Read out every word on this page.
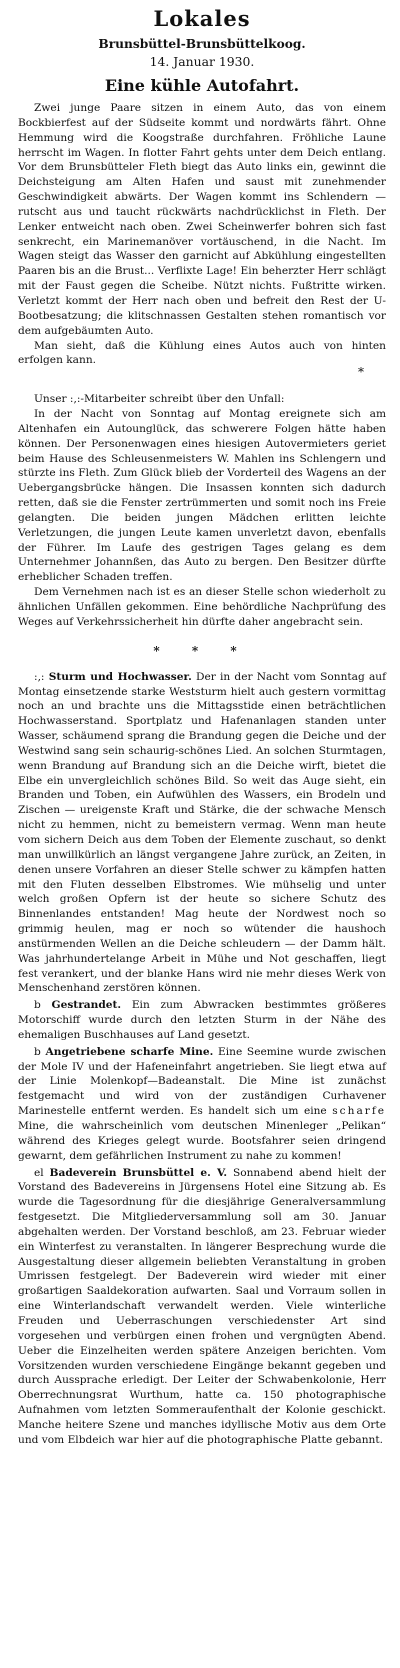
Lokales
Brunsbüttel-Brunsbüttelkoog.
14. Januar 1930.
Eine kühle Autofahrt.

Zwei junge Paare sitzen in einem Auto, das von einem Bockbierfest auf der Südseite kommt und nordwärts fährt. Ohne Hemmung wird die Koogstraße durchfahren. Fröhliche Laune herrscht im Wagen. In flotter Fahrt gehts unter dem Deich entlang. Vor dem Brunsbütteler Fleth biegt das Auto links ein, gewinnt die Deichsteigung am Alten Hafen und saust mit zunehmender Geschwindigkeit abwärts. Der Wagen kommt ins Schlendern — rutscht aus und taucht rückwärts nachdrücklichst in Fleth. Der Lenker entweicht nach oben. Zwei Scheinwerfer bohren sich fast senkrecht, ein Marinemanöver vortäuschend, in die Nacht. Im Wagen steigt das Wasser den garnicht auf Abkühlung eingestellten Paaren bis an die Brust... Verflixte Lage! Ein beherzter Herr schlägt mit der Faust gegen die Scheibe. Nützt nichts. Fußtritte wirken. Verletzt kommt der Herr nach oben und befreit den Rest der U-Bootbesatzung; die klitschnassen Gestalten stehen romantisch vor dem aufgebäumten Auto.

Man sieht, daß die Kühlung eines Autos auch von hinten erfolgen kann.

*

Unser :,:-Mitarbeiter schreibt über den Unfall:

In der Nacht von Sonntag auf Montag ereignete sich am Altenhafen ein Autounglück, das schwerere Folgen hätte haben können. Der Personenwagen eines hiesigen Autovermieters geriet beim Hause des Schleusenmeisters W. Mahlen ins Schlengern und stürzte ins Fleth. Zum Glück blieb der Vorderteil des Wagens an der Uebergangsbrücke hängen. Die Insassen konnten sich dadurch retten, daß sie die Fenster zertrümmerten und somit noch ins Freie gelangten. Die beiden jungen Mädchen erlitten leichte Verletzungen, die jungen Leute kamen unverletzt davon, ebenfalls der Führer. Im Laufe des gestrigen Tages gelang es dem Unternehmer Johannßen, das Auto zu bergen. Den Besitzer dürfte erheblicher Schaden treffen.

Dem Vernehmen nach ist es an dieser Stelle schon wiederholt zu ähnlichen Unfällen gekommen. Eine behördliche Nachprüfung des Weges auf Verkehrssicherheit hin dürfte daher angebracht sein.

* * *

:,: Sturm und Hochwasser. Der in der Nacht vom Sonntag auf Montag einsetzende starke Weststurm hielt auch gestern vormittag noch an und brachte uns die Mittagsstide einen beträchtlichen Hochwasserstand. Sportplatz und Hafenanlagen standen unter Wasser, schäumend sprang die Brandung gegen die Deiche und der Westwind sang sein schaurig-schönes Lied. An solchen Sturmtagen, wenn Brandung auf Brandung sich an die Deiche wirft, bietet die Elbe ein unvergleichlich schönes Bild. So weit das Auge sieht, ein Branden und Toben, ein Aufwühlen des Wassers, ein Brodeln und Zischen — ureigenste Kraft und Stärke, die der schwache Mensch nicht zu hemmen, nicht zu bemeistern vermag. Wenn man heute vom sichern Deich aus dem Toben der Elemente zuschaut, so denkt man unwillkürlich an längst vergangene Jahre zurück, an Zeiten, in denen unsere Vorfahren an dieser Stelle schwer zu kämpfen hatten mit den Fluten desselben Elbstromes. Wie mühselig und unter welch großen Opfern ist der heute so sichere Schutz des Binnenlandes entstanden! Mag heute der Nordwest noch so grimmig heulen, mag er noch so wütender die haushoch anstürmenden Wellen an die Deiche schleudern — der Damm hält. Was jahrhundertelange Arbeit in Mühe und Not geschaffen, liegt fest verankert, und der blanke Hans wird nie mehr dieses Werk von Menschenhand zerstören können.

b Gestrandet. Ein zum Abwracken bestimmtes größeres Motorschiff wurde durch den letzten Sturm in der Nähe des ehemaligen Buschhauses auf Land gesetzt.

b Angetriebene scharfe Mine. Eine Seemine wurde zwischen der Mole IV und der Hafeneinfahrt angetrieben. Sie liegt etwa auf der Linie Molenkopf—Badeanstalt. Die Mine ist zunächst festgemacht und wird von der zuständigen Curhavener Marinestelle entfernt werden. Es handelt sich um eine scharfe Mine, die wahrscheinlich vom deutschen Minenleger „Pelikan“ während des Krieges gelegt wurde. Bootsfahrer seien dringend gewarnt, dem gefährlichen Instrument zu nahe zu kommen!

el Badeverein Brunsbüttel e. V. Sonnabend abend hielt der Vorstand des Badevereins in Jürgensens Hotel eine Sitzung ab. Es wurde die Tagesordnung für die diesjährige Generalversammlung festgesetzt. Die Mitgliederversammlung soll am 30. Januar abgehalten werden. Der Vorstand beschloß, am 23. Februar wieder ein Winterfest zu veranstalten. In längerer Besprechung wurde die Ausgestaltung dieser allgemein beliebten Veranstaltung in groben Umrissen festgelegt. Der Badeverein wird wieder mit einer großartigen Saaldekoration aufwarten. Saal und Vorraum sollen in eine Winterlandschaft verwandelt werden. Viele winterliche Freuden und Ueberraschungen verschiedenster Art sind vorgesehen und verbürgen einen frohen und vergnügten Abend. Ueber die Einzelheiten werden spätere Anzeigen berichten. Vom Vorsitzenden wurden verschiedene Eingänge bekannt gegeben und durch Aussprache erledigt. Der Leiter der Schwabenkolonie, Herr Oberrechnungsrat Wurthum, hatte ca. 150 photographische Aufnahmen vom letzten Sommeraufenthalt der Kolonie geschickt. Manche heitere Szene und manches idyllische Motiv aus dem Orte und vom Elbdeich war hier auf die photographische Platte gebannt.
